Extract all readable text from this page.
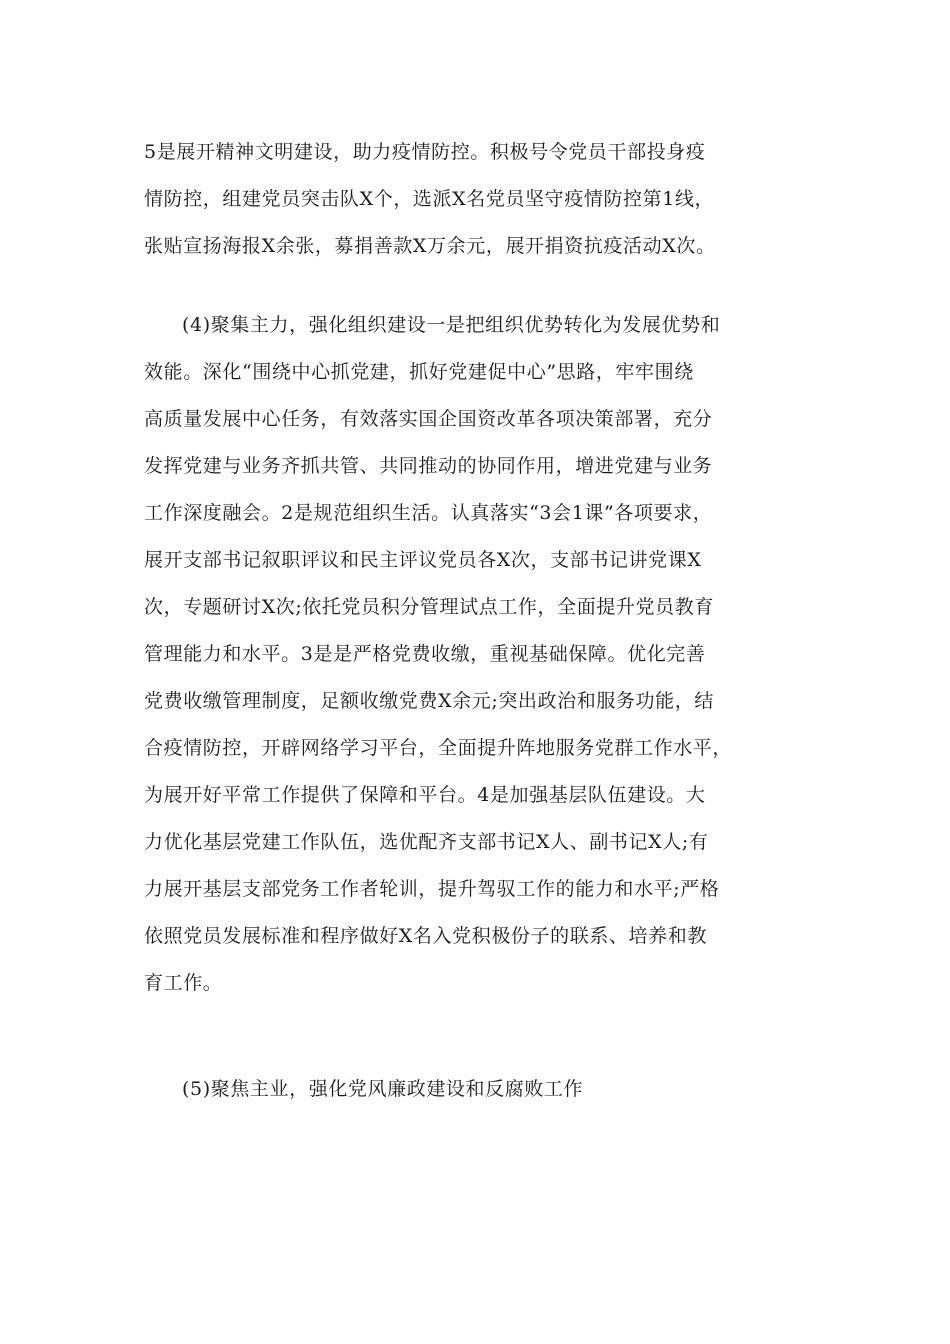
5是展开精神文明建设，助力疫情防控。积极号令党员干部投身疫
情防控，组建党员突击队X个，选派X名党员坚守疫情防控第1线，
张贴宣扬海报X余张，募捐善款X万余元，展开捐资抗疫活动X次。

(4)聚集主力，强化组织建设一是把组织优势转化为发展优势和
效能。深化“围绕中心抓党建，抓好党建促中心”思路，牢牢围绕
高质量发展中心任务，有效落实国企国资改革各项决策部署，充分
发挥党建与业务齐抓共管、共同推动的协同作用，增进党建与业务
工作深度融会。2是规范组织生活。认真落实“3会1课”各项要求，
展开支部书记叙职评议和民主评议党员各X次，支部书记讲党课X
次，专题研讨X次;依托党员积分管理试点工作，全面提升党员教育
管理能力和水平。3是是严格党费收缴，重视基础保障。优化完善
党费收缴管理制度，足额收缴党费X余元;突出政治和服务功能，结
合疫情防控，开辟网络学习平台，全面提升阵地服务党群工作水平，
为展开好平常工作提供了保障和平台。4是加强基层队伍建设。大
力优化基层党建工作队伍，选优配齐支部书记X人、副书记X人;有
力展开基层支部党务工作者轮训，提升驾驭工作的能力和水平;严格
依照党员发展标准和程序做好X名入党积极份子的联系、培养和教
育工作。

(5)聚焦主业，强化党风廉政建设和反腐败工作
